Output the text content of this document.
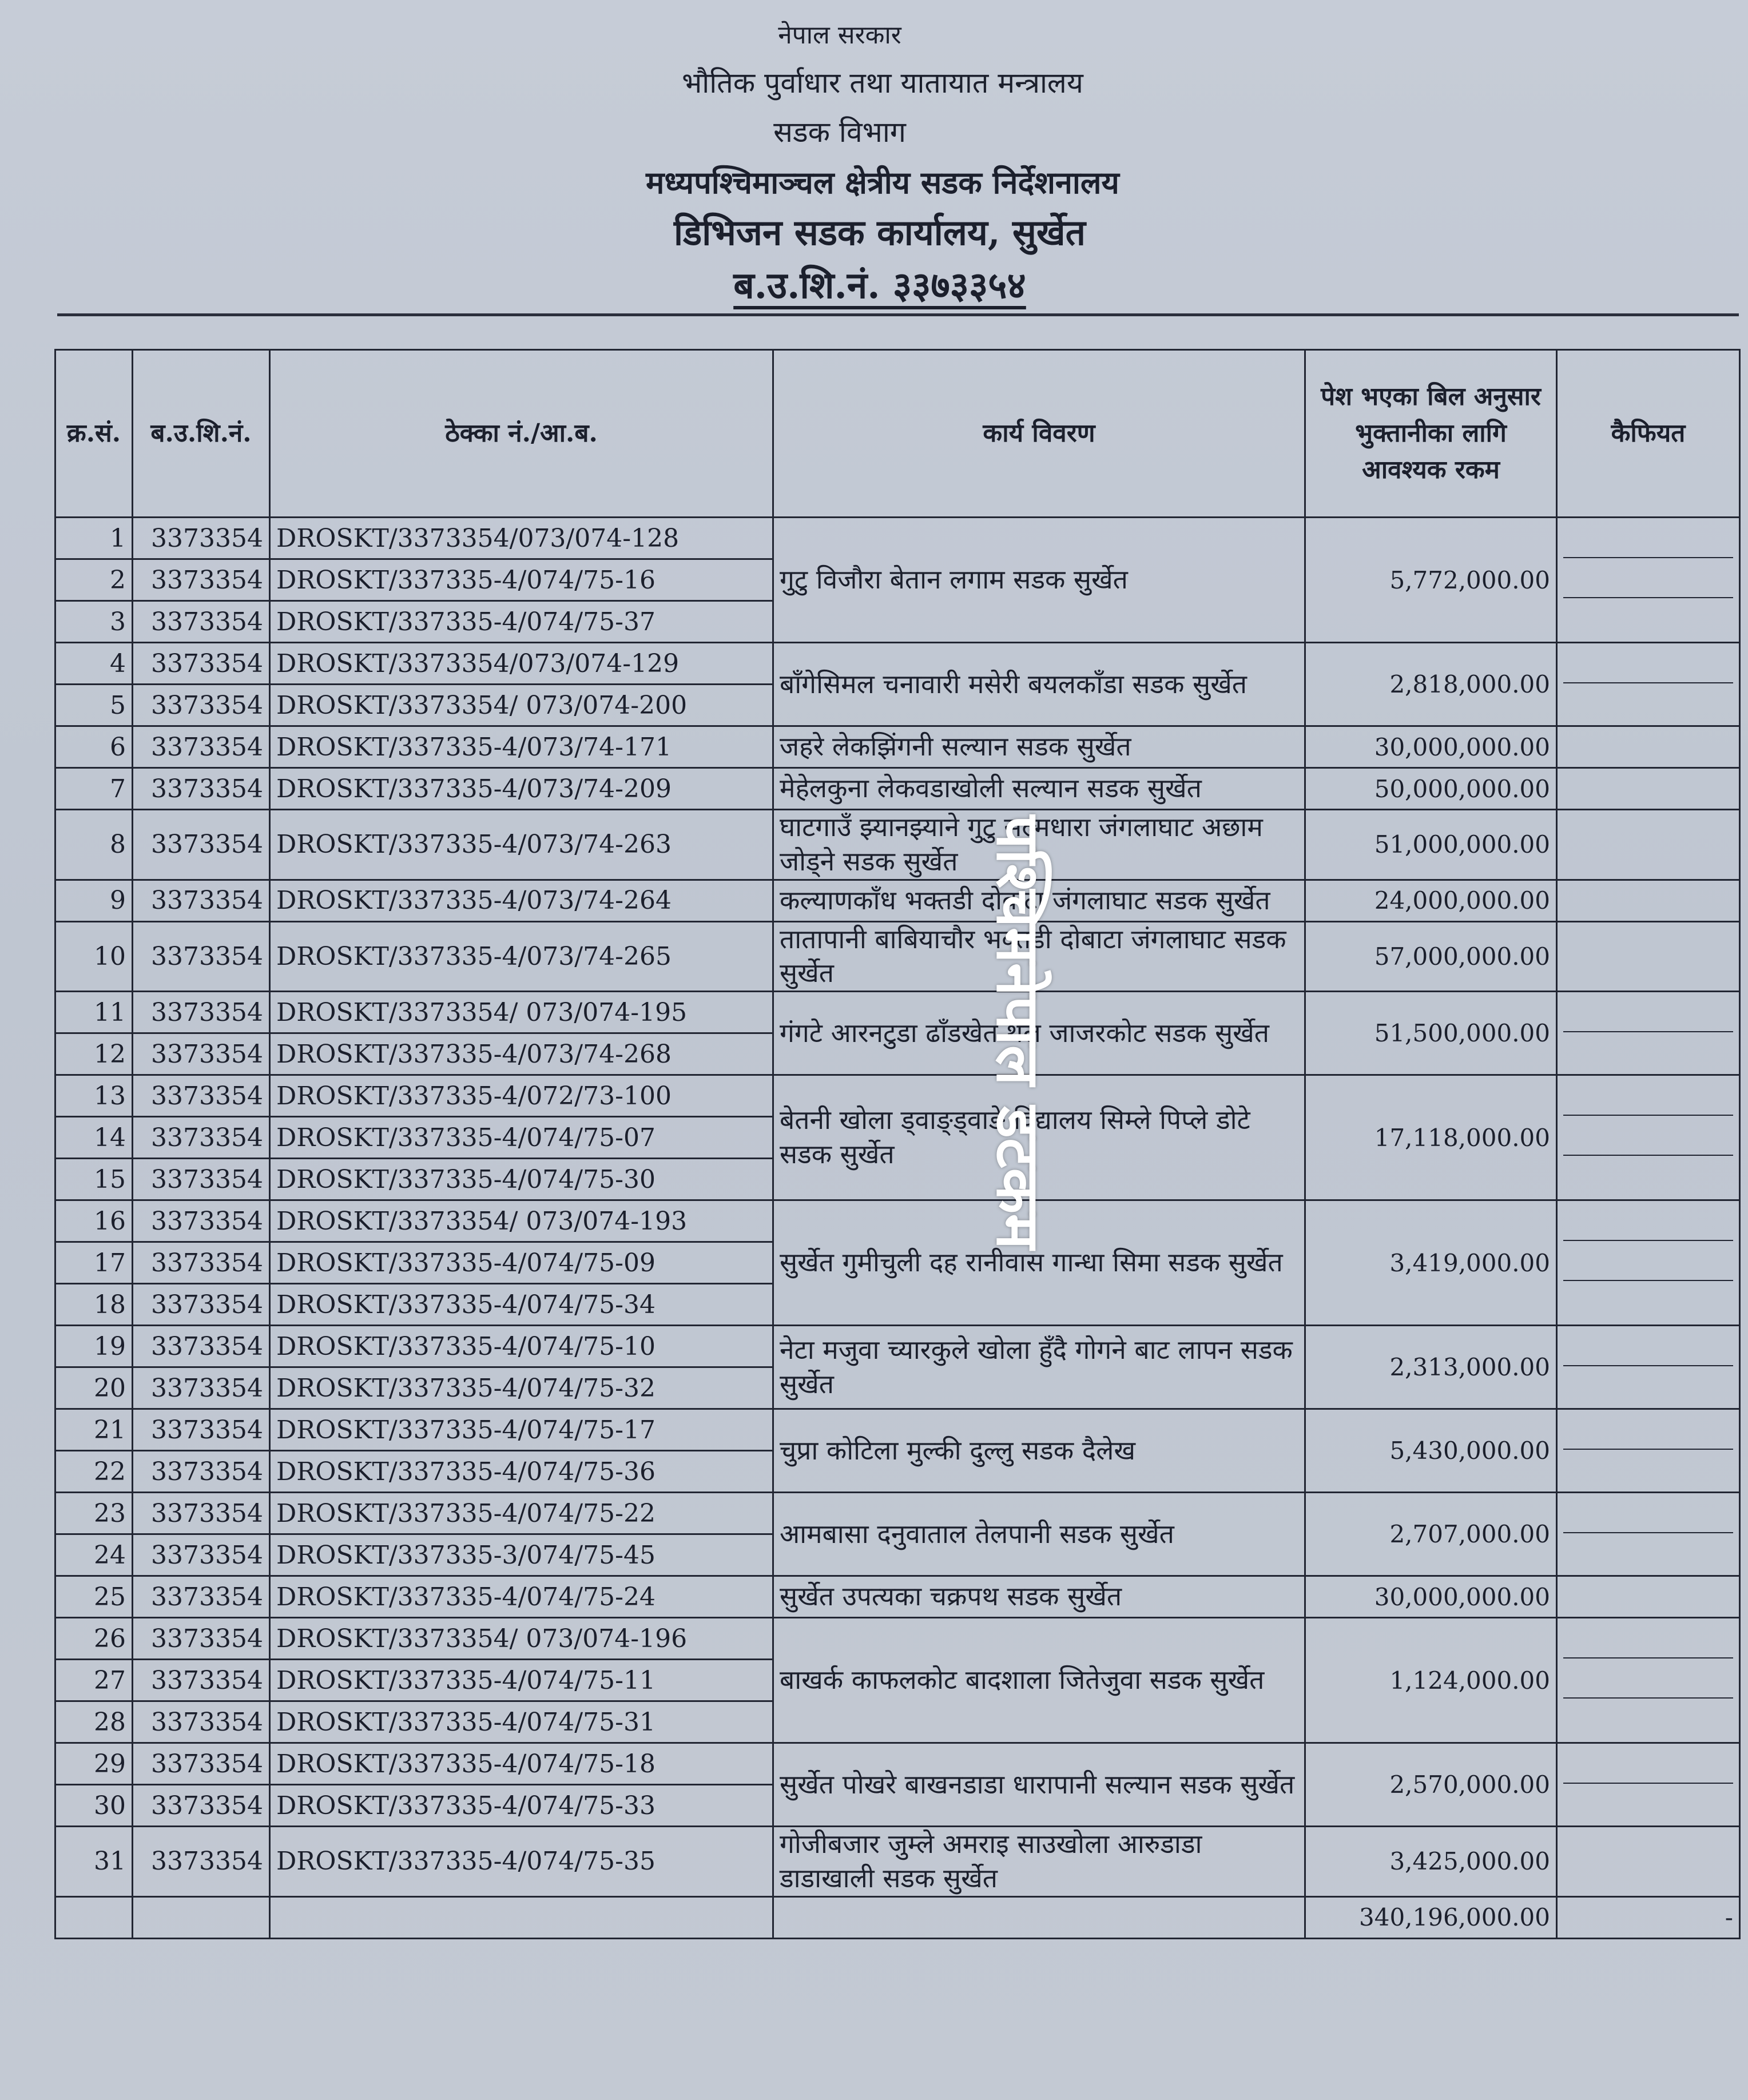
नेपाल सरकार
भौतिक पुर्वाधार तथा यातायात मन्त्रालय
सडक विभाग
मध्यपश्चिमाञ्चल क्षेत्रीय सडक निर्देशनालय
डिभिजन सडक कार्यालय, सुर्खेत
ब.उ.शि.नं. ३३७३३५४
क्र.सं.	ब.उ.शि.नं.	ठेक्का नं./आ.ब.	कार्य विवरण	पेश भएका बिल अनुसार भुक्तानीका लागि आवश्यक रकम	कैफियत
1	3373354	DROSKT/3373354/073/074-128	गुटु विजौरा बेतान लगाम सडक सुर्खेत	5,772,000.00	

2	3373354	DROSKT/337335-4/074/75-16			
3	3373354	DROSKT/337335-4/074/75-37			
4	3373354	DROSKT/3373354/073/074-129	बाँगेसिमल चनावारी मसेरी बयलकाँडा सडक सुर्खेत	2,818,000.00	

5	3373354	DROSKT/3373354/ 073/074-200			
6	3373354	DROSKT/337335-4/073/74-171	जहरे लेकझिंगनी सल्यान सडक सुर्खेत	30,000,000.00	

7	3373354	DROSKT/337335-4/073/74-209	मेहेलकुना लेकवडाखोली सल्यान सडक सुर्खेत	50,000,000.00	

8	3373354	DROSKT/337335-4/073/74-263	घाटगाउँ झ्यानझ्याने गुटु सल्मधारा जंगलाघाट अछाम जोड्ने सडक सुर्खेत	51,000,000.00	

9	3373354	DROSKT/337335-4/073/74-264	कल्याणकाँध भक्तडी दोबाटा जंगलाघाट सडक सुर्खेत	24,000,000.00	

10	3373354	DROSKT/337335-4/073/74-265	तातापानी बाबियाचौर भक्तडी दोबाटा जंगलाघाट सडक सुर्खेत	57,000,000.00	

11	3373354	DROSKT/3373354/ 073/074-195	गंगटे आरनटुडा ढाँडखेत थल जाजरकोट सडक सुर्खेत	51,500,000.00	

12	3373354	DROSKT/337335-4/073/74-268			
13	3373354	DROSKT/337335-4/072/73-100	बेतनी खोला ड्वाङ्ड्वाङे विद्यालय सिम्ले पिप्ले डोटे सडक सुर्खेत	17,118,000.00	

14	3373354	DROSKT/337335-4/074/75-07			
15	3373354	DROSKT/337335-4/074/75-30			
16	3373354	DROSKT/3373354/ 073/074-193	सुर्खेत गुमीचुली दह रानीवास गान्धा सिमा सडक सुर्खेत	3,419,000.00	

17	3373354	DROSKT/337335-4/074/75-09			
18	3373354	DROSKT/337335-4/074/75-34			
19	3373354	DROSKT/337335-4/074/75-10	नेटा मजुवा च्यारकुले खोला हुँदै गोगने बाट लापन सडक सुर्खेत	2,313,000.00	

20	3373354	DROSKT/337335-4/074/75-32			
21	3373354	DROSKT/337335-4/074/75-17	चुप्रा कोटिला मुल्की दुल्लु सडक दैलेख	5,430,000.00	

22	3373354	DROSKT/337335-4/074/75-36			
23	3373354	DROSKT/337335-4/074/75-22	आमबासा दनुवाताल तेलपानी सडक सुर्खेत	2,707,000.00	

24	3373354	DROSKT/337335-3/074/75-45			
25	3373354	DROSKT/337335-4/074/75-24	सुर्खेत उपत्यका चक्रपथ सडक सुर्खेत	30,000,000.00	

26	3373354	DROSKT/3373354/ 073/074-196	बाखर्क काफलकोट बादशाला जितेजुवा सडक सुर्खेत	1,124,000.00	

27	3373354	DROSKT/337335-4/074/75-11			
28	3373354	DROSKT/337335-4/074/75-31			
29	3373354	DROSKT/337335-4/074/75-18	सुर्खेत पोखरे बाखनडाडा धारापानी सल्यान सडक सुर्खेत	2,570,000.00	

30	3373354	DROSKT/337335-4/074/75-33			
31	3373354	DROSKT/337335-4/074/75-35	गोजीबजार जुम्ले अमराइ साउखोला आरुडाडा डाडाखाली सडक सुर्खेत	3,425,000.00	

				340,196,000.00	-
पश्चिमनेपाल डटकम
